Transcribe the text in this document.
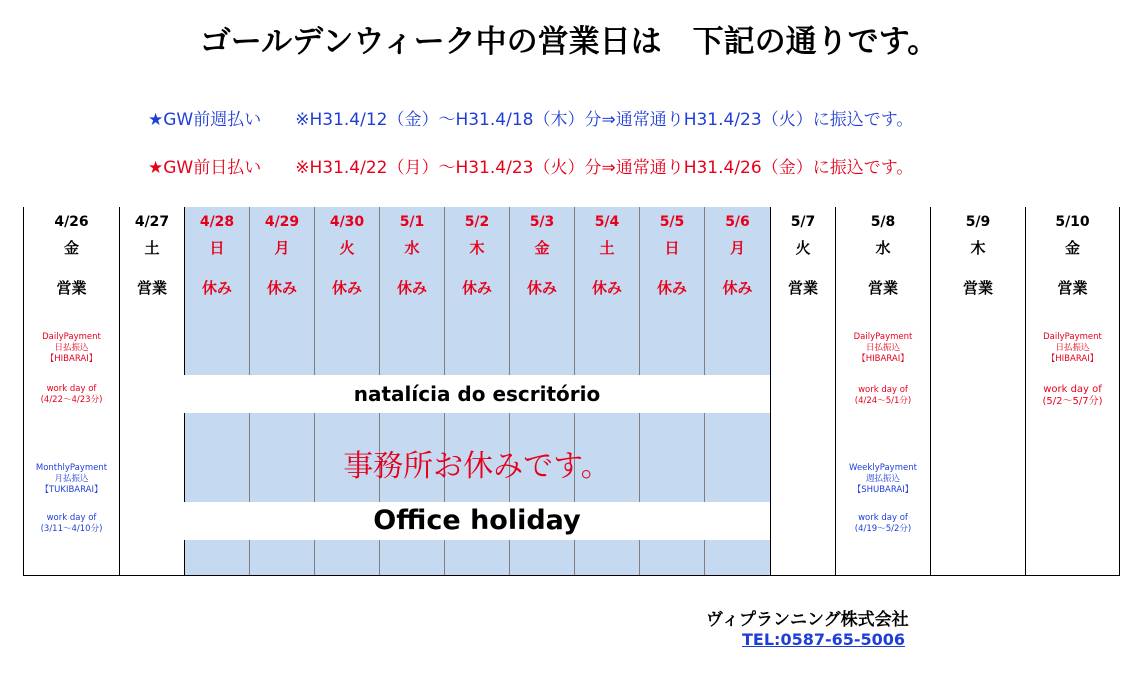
ゴールデンウィーク中の営業日は　下記の通りです。
★GW前週払い　　※H31.4/12（金）～H31.4/18（木）分⇒通常通りH31.4/23（火）に振込です。
★GW前日払い　　※H31.4/22（月）～H31.4/23（火）分⇒通常通りH31.4/26（金）に振込です。
4/26
金
営業
DailyPayment
日払振込
【HIBARAI】
work day of
(4/22～4/23分)
MonthlyPayment
月払振込
【TUKIBARAI】
work day of
(3/11～4/10分)
4/27
土
営業
4/28
日
休み
4/29
月
休み
4/30
火
休み
5/1
水
休み
5/2
木
休み
5/3
金
休み
5/4
土
休み
5/5
日
休み
5/6
月
休み
5/7
火
営業
5/8
水
営業
DailyPayment
日払振込
【HIBARAI】
work day of
(4/24～5/1分)
WeeklyPayment
週払振込
【SHUBARAI】
work day of
(4/19～5/2分)
5/9
木
営業
5/10
金
営業
DailyPayment
日払振込
【HIBARAI】
work day of
(5/2～5/7分)
natalícia do escritório
事務所お休みです。
Office holiday
ヴィプランニング株式会社
TEL:0587-65-5006
